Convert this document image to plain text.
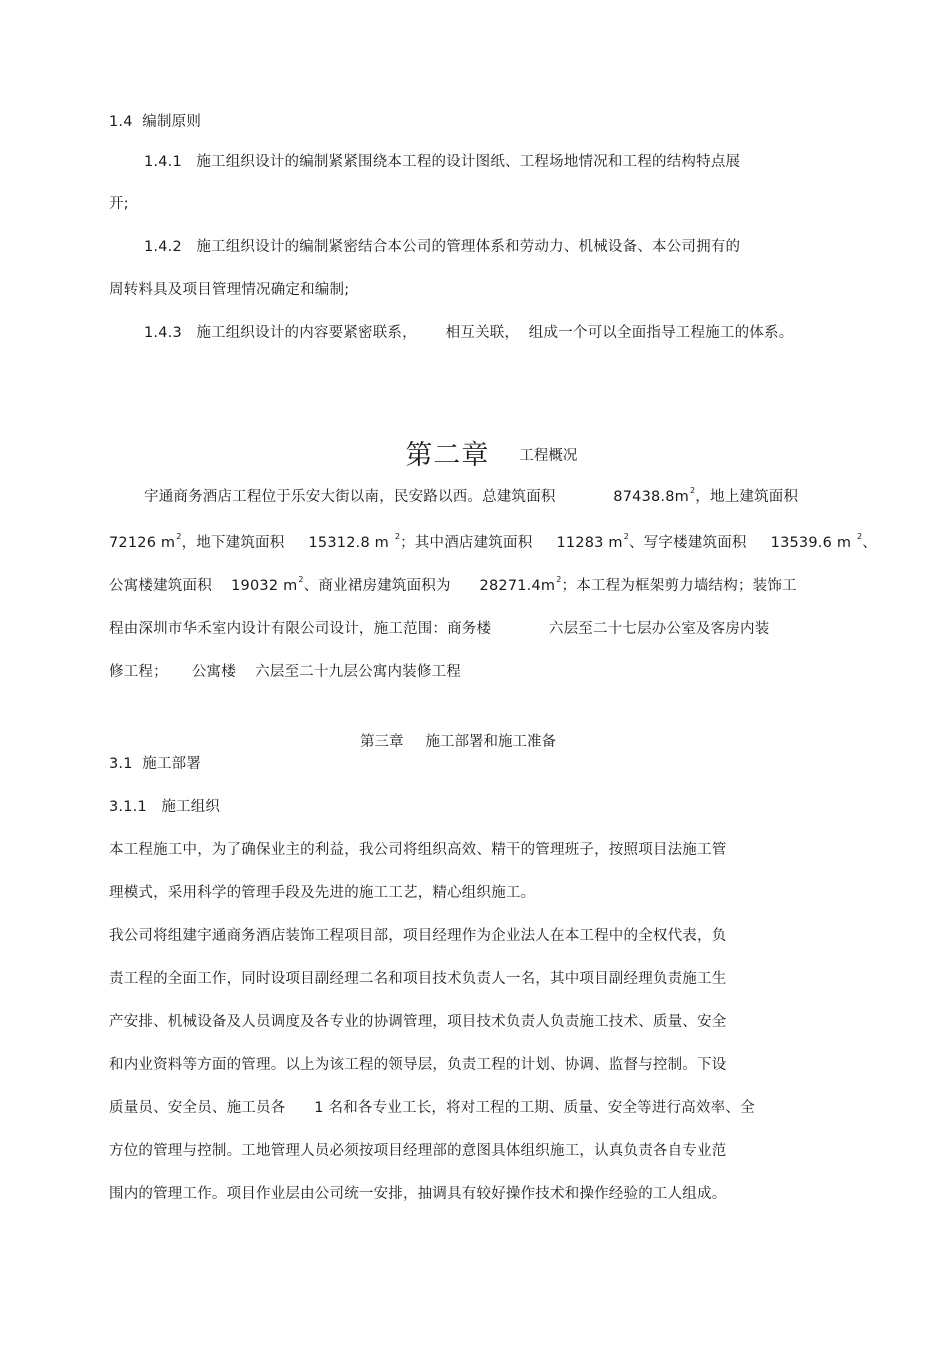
1.4  编制原则
1.4.1   施工组织设计的编制紧紧围绕本工程的设计图纸、工程场地情况和工程的结构特点展
开;
1.4.2   施工组织设计的编制紧密结合本公司的管理体系和劳动力、机械设备、本公司拥有的
周转料具及项目管理情况确定和编制;
1.4.3   施工组织设计的内容要紧密联系，      相互关联，  组成一个可以全面指导工程施工的体系。

第二章 工程概况

宇通商务酒店工程位于乐安大街以南，民安路以西。总建筑面积            $87438.8m^2$，地上建筑面积
72126 $m^2$，地下建筑面积     15312.8 m $^2$；其中酒店建筑面积     11283 $m^2$、写字楼建筑面积     13539.6 m $^2$、
公寓楼建筑面积    19032 $m^2$、商业裙房建筑面积为      $28271.4m^2$；本工程为框架剪力墙结构；装饰工
程由深圳市华禾室内设计有限公司设计，施工范围：商务楼            六层至二十七层办公室及客房内装
修工程；     公寓楼    六层至二十九层公寓内装修工程
第三章 施工部署和施工准备
3.1  施工部署
3.1.1   施工组织
本工程施工中，为了确保业主的利益，我公司将组织高效、精干的管理班子，按照项目法施工管
理模式，采用科学的管理手段及先进的施工工艺，精心组织施工。
我公司将组建宇通商务酒店装饰工程项目部，项目经理作为企业法人在本工程中的全权代表，负
责工程的全面工作，同时设项目副经理二名和项目技术负责人一名，其中项目副经理负责施工生
产安排、机械设备及人员调度及各专业的协调管理，项目技术负责人负责施工技术、质量、安全
和内业资料等方面的管理。以上为该工程的领导层，负责工程的计划、协调、监督与控制。下设
质量员、安全员、施工员各      1 名和各专业工长，将对工程的工期、质量、安全等进行高效率、全
方位的管理与控制。工地管理人员必须按项目经理部的意图具体组织施工，认真负责各自专业范
围内的管理工作。项目作业层由公司统一安排，抽调具有较好操作技术和操作经验的工人组成。
